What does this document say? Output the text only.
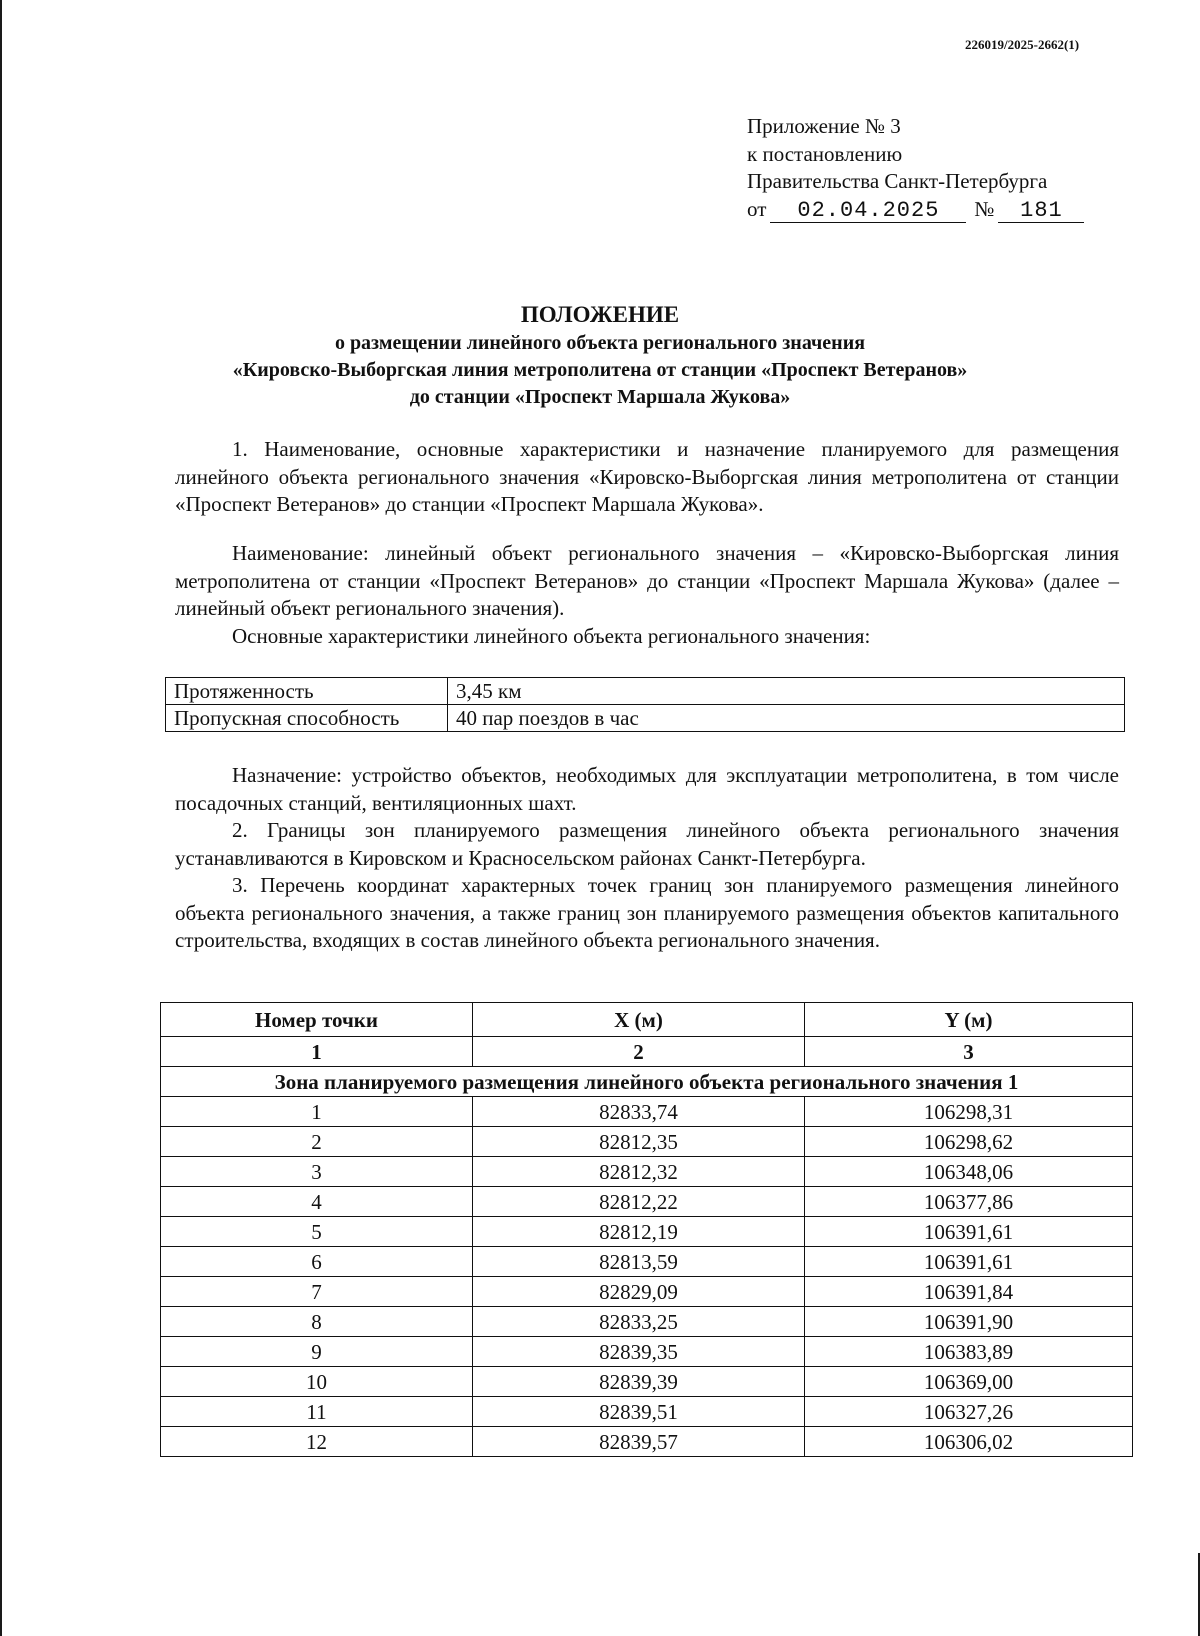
226019/2025-2662(1)
Приложение № 3
к постановлению
Правительства Санкт-Петербурга
от 02.04.2025 № 181
ПОЛОЖЕНИЕ
о размещении линейного объекта регионального значения
«Кировско-Выборгская линия метрополитена от станции «Проспект Ветеранов»
до станции «Проспект Маршала Жукова»
1. Наименование, основные характеристики и назначение планируемого для размещения линейного объекта регионального значения «Кировско-Выборгская линия метрополитена от станции «Проспект Ветеранов» до станции «Проспект Маршала Жукова».
Наименование: линейный объект регионального значения – «Кировско-Выборгская линия метрополитена от станции «Проспект Ветеранов» до станции «Проспект Маршала Жукова» (далее – линейный объект регионального значения).
Основные характеристики линейного объекта регионального значения:
Протяженность	3,45 км
Пропускная способность	40 пар поездов в час
Назначение: устройство объектов, необходимых для эксплуатации метрополитена, в том числе посадочных станций, вентиляционных шахт.
2. Границы зон планируемого размещения линейного объекта регионального значения устанавливаются в Кировском и Красносельском районах Санкт-Петербурга.
3. Перечень координат характерных точек границ зон планируемого размещения линейного объекта регионального значения, а также границ зон планируемого размещения объектов капитального строительства, входящих в состав линейного объекта регионального значения.
Номер точки	X (м)	Y (м)
1	2	3
Зона планируемого размещения линейного объекта регионального значения 1		
1	82833,74	106298,31
2	82812,35	106298,62
3	82812,32	106348,06
4	82812,22	106377,86
5	82812,19	106391,61
6	82813,59	106391,61
7	82829,09	106391,84
8	82833,25	106391,90
9	82839,35	106383,89
10	82839,39	106369,00
11	82839,51	106327,26
12	82839,57	106306,02
